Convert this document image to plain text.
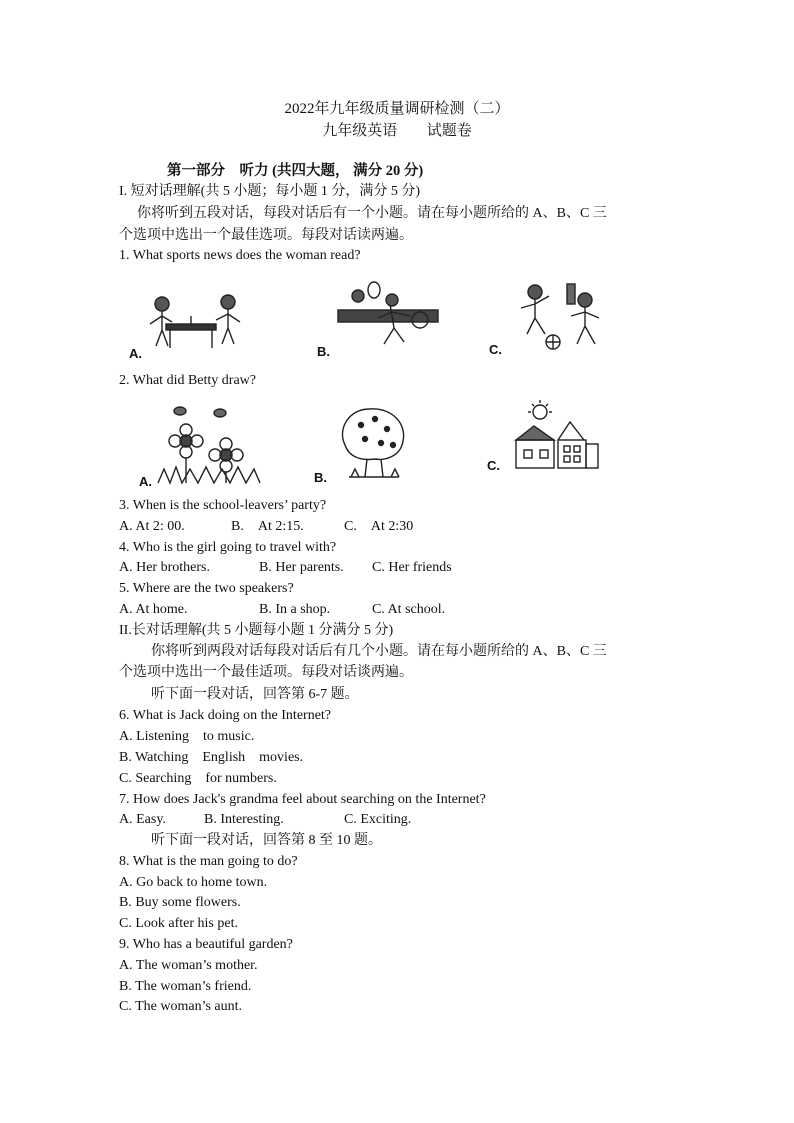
2022年九年级质量调研检测（二）
九年级英语 试题卷
第一部分　听力 (共四大题， 满分 20 分)
I. 短对话理解(共 5 小题；每小题 1 分，满分 5 分)
你将听到五段对话，每段对话后有一个小题。请在每小题所给的 A、B、C 三
个选项中选出一个最佳选项。每段对话读两遍。
1. What sports news does the woman read?
A.	B.	C.
2. What did Betty draw?
A.	B.
C.
3. When is the school-leavers’ party?
A. At 2: 00.	B.　At 2:15.	C.　At 2:30
4. Who is the girl going to travel with?
A. Her brothers.	B. Her parents. C. Her friends
5. Where are the two speakers?
A. At home.	B. In a shop.	C. At school.
II.长对话理解(共 5 小题每小题 1 分满分 5 分)
你将听到两段对话每段对话后有几个小题。请在每小题所给的 A、B、C 三
个选项中选出一个最佳适项。每段对话谈两遍。
听下面一段对话，回答第 6-7 题。
6. What is Jack doing on the Internet?
A. Listening　to music.
B. Watching　English　movies.
C. Searching　for numbers.
7. How does Jack's grandma feel about searching on the Internet?
A. Easy.	B. Interesting.	C. Exciting.
听下面一段对话，回答第 8 至 10 题。
8. What is the man going to do?
A. Go back to home town.
B. Buy some flowers.
C. Look after his pet.
9. Who has a beautiful garden?
A. The woman’s mother.
B. The woman’s friend.
C. The woman’s aunt.
